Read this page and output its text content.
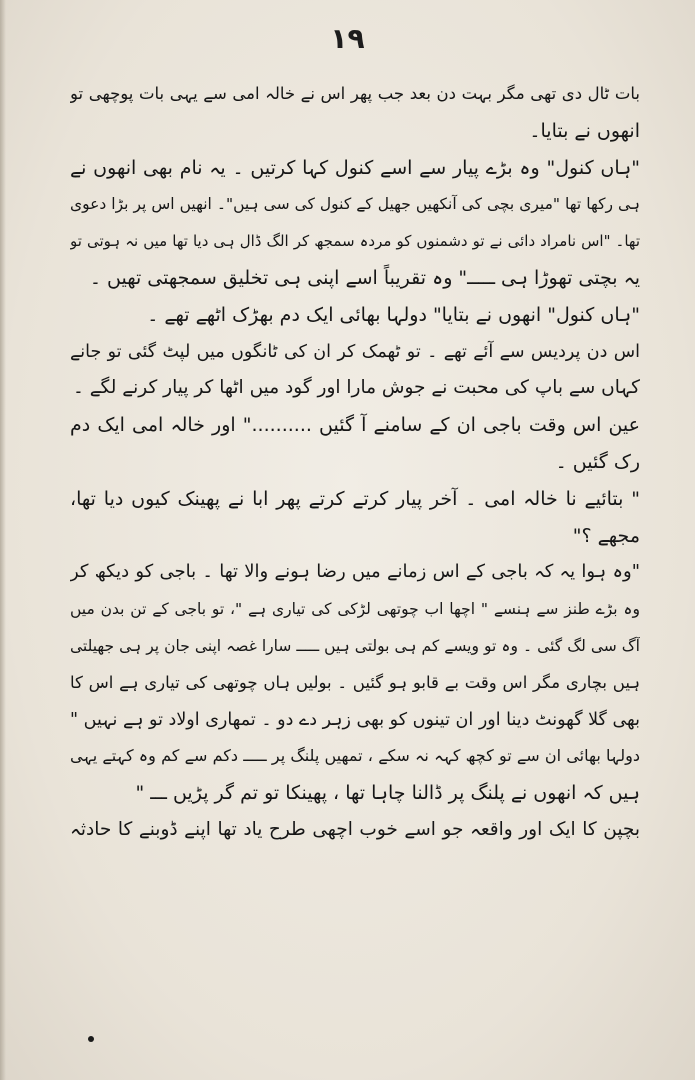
۱۹
بات ٹال دی تھی مگر بہت دن بعد جب پھر اس نے خالہ امی سے یہی بات پوچھی تو
انھوں نے بتایا۔
"ہاں کنول" وہ بڑے پیار سے اسے کنول کہا کرتیں ۔ یہ نام بھی انھوں نے
ہی رکھا تھا "میری بچی کی آنکھیں جھیل کے کنول کی سی ہیں"۔ انھیں اس پر بڑا دعوی
تھا۔ "اس نامراد دائی نے تو دشمنوں کو مردہ سمجھ کر الگ ڈال ہی دیا تھا میں نہ ہوتی تو
یہ بچتی تھوڑا ہی ـــــ" وہ تقریباً اسے اپنی ہی تخلیق سمجھتی تھیں ۔
"ہاں کنول" انھوں نے بتایا" دولہا بھائی ایک دم بھڑک اٹھے تھے ۔
اس دن پردیس سے آئے تھے ۔ تو ٹھمک کر ان کی ٹانگوں میں لپٹ گئی تو جانے
کہاں سے باپ کی محبت نے جوش مارا اور گود میں اٹھا کر پیار کرنے لگے ۔
عین اس وقت باجی ان کے سامنے آ گئیں .........." اور خالہ امی ایک دم
رک گئیں ۔
" بتائیے نا خالہ امی ۔ آخر پیار کرتے کرتے پھر ابا نے پھینک کیوں دیا تھا،
مجھے ؟"
"وہ ہوا یہ کہ باجی کے اس زمانے میں رضا ہونے والا تھا ۔ باجی کو دیکھ کر
وہ بڑے طنز سے ہنسے " اچھا اب چوتھی لڑکی کی تیاری ہے "، تو باجی کے تن بدن میں
آگ سی لگ گئی ۔ وہ تو ویسے کم ہی بولتی ہیں ـــــ سارا غصہ اپنی جان پر ہی جھیلتی
ہیں بچاری مگر اس وقت بے قابو ہو گئیں ۔ بولیں ہاں چوتھی کی تیاری ہے اس کا
بھی گلا گھونٹ دینا اور ان تینوں کو بھی زہر دے دو ۔ تمھاری اولاد تو ہے نہیں "
دولہا بھائی ان سے تو کچھ کہہ نہ سکے ، تمھیں پلنگ پر ـــــ دکم سے کم وہ کہتے یہی
ہیں کہ انھوں نے پلنگ پر ڈالنا چاہا تھا ، پھینکا تو تم گر پڑیں ـــ "
بچپن کا ایک اور واقعہ جو اسے خوب اچھی طرح یاد تھا اپنے ڈوبنے کا حادثہ
